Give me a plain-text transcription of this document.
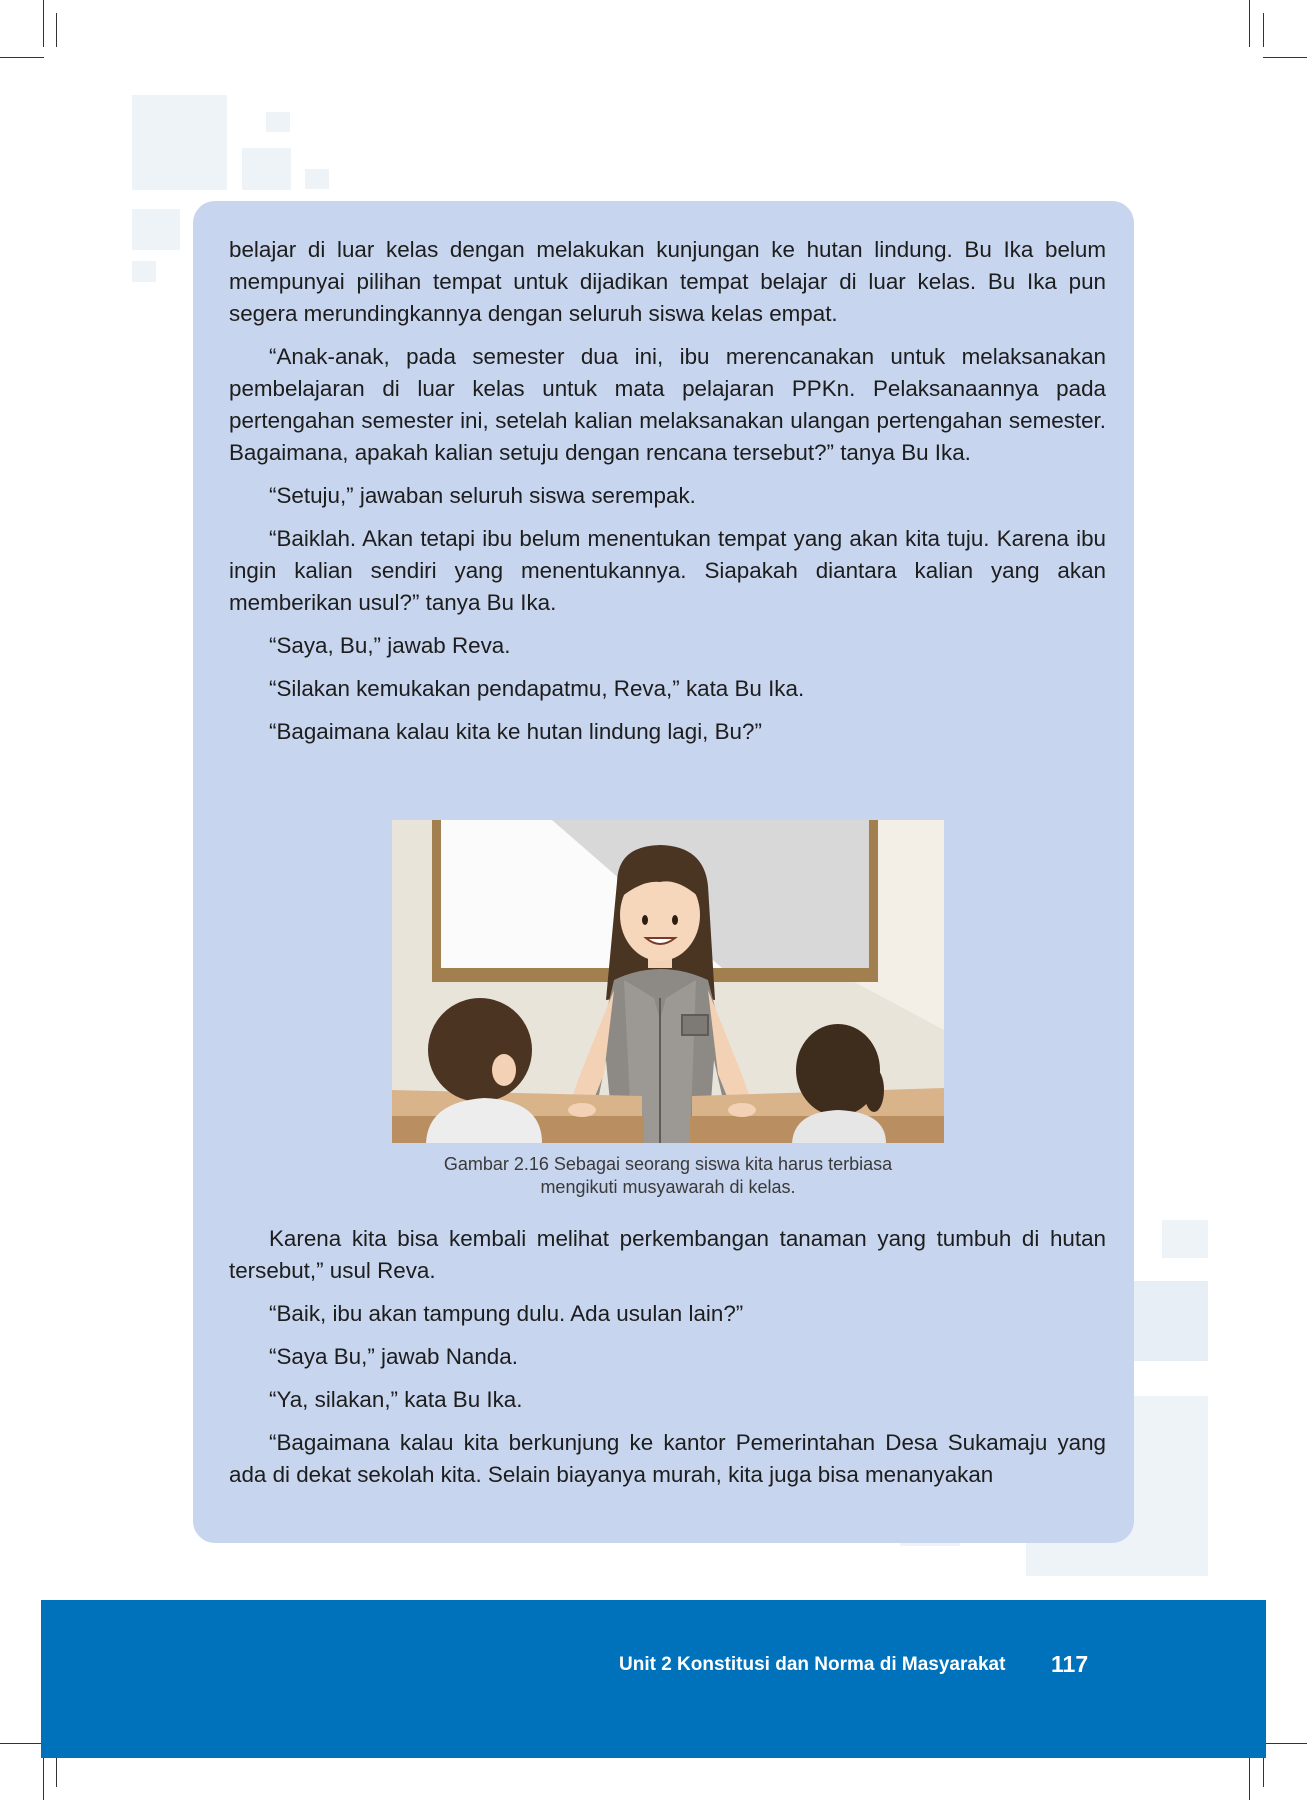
belajar di luar kelas dengan melakukan kunjungan ke hutan lindung. Bu Ika belum mempunyai pilihan tempat untuk dijadikan tempat belajar di luar kelas. Bu Ika pun segera merundingkannya dengan seluruh siswa kelas empat.

“Anak-anak, pada semester dua ini, ibu merencanakan untuk melaksanakan pembelajaran di luar kelas untuk mata pelajaran PPKn. Pelaksanaannya pada pertengahan semester ini, setelah kalian melaksanakan ulangan pertengahan semester. Bagaimana, apakah kalian setuju dengan rencana tersebut?” tanya Bu Ika.

“Setuju,” jawaban seluruh siswa serempak.

“Baiklah. Akan tetapi ibu belum menentukan tempat yang akan kita tuju. Karena ibu ingin kalian sendiri yang menentukannya. Siapakah diantara kalian yang akan memberikan usul?” tanya Bu Ika.

“Saya, Bu,” jawab Reva.

“Silakan kemukakan pendapatmu, Reva,” kata Bu Ika.

“Bagaimana kalau kita ke hutan lindung lagi, Bu?”

Gambar 2.16 Sebagai seorang siswa kita harus terbiasa
mengikuti musyawarah di kelas.

Karena kita bisa kembali melihat perkembangan tanaman yang tumbuh di hutan tersebut,” usul Reva.

“Baik, ibu akan tampung dulu. Ada usulan lain?”

“Saya Bu,” jawab Nanda.

“Ya, silakan,” kata Bu Ika.

“Bagaimana kalau kita berkunjung ke kantor Pemerintahan Desa Sukamaju yang ada di dekat sekolah kita. Selain biayanya murah, kita juga bisa menanyakan

Unit 2 Konstitusi dan Norma di Masyarakat 117
